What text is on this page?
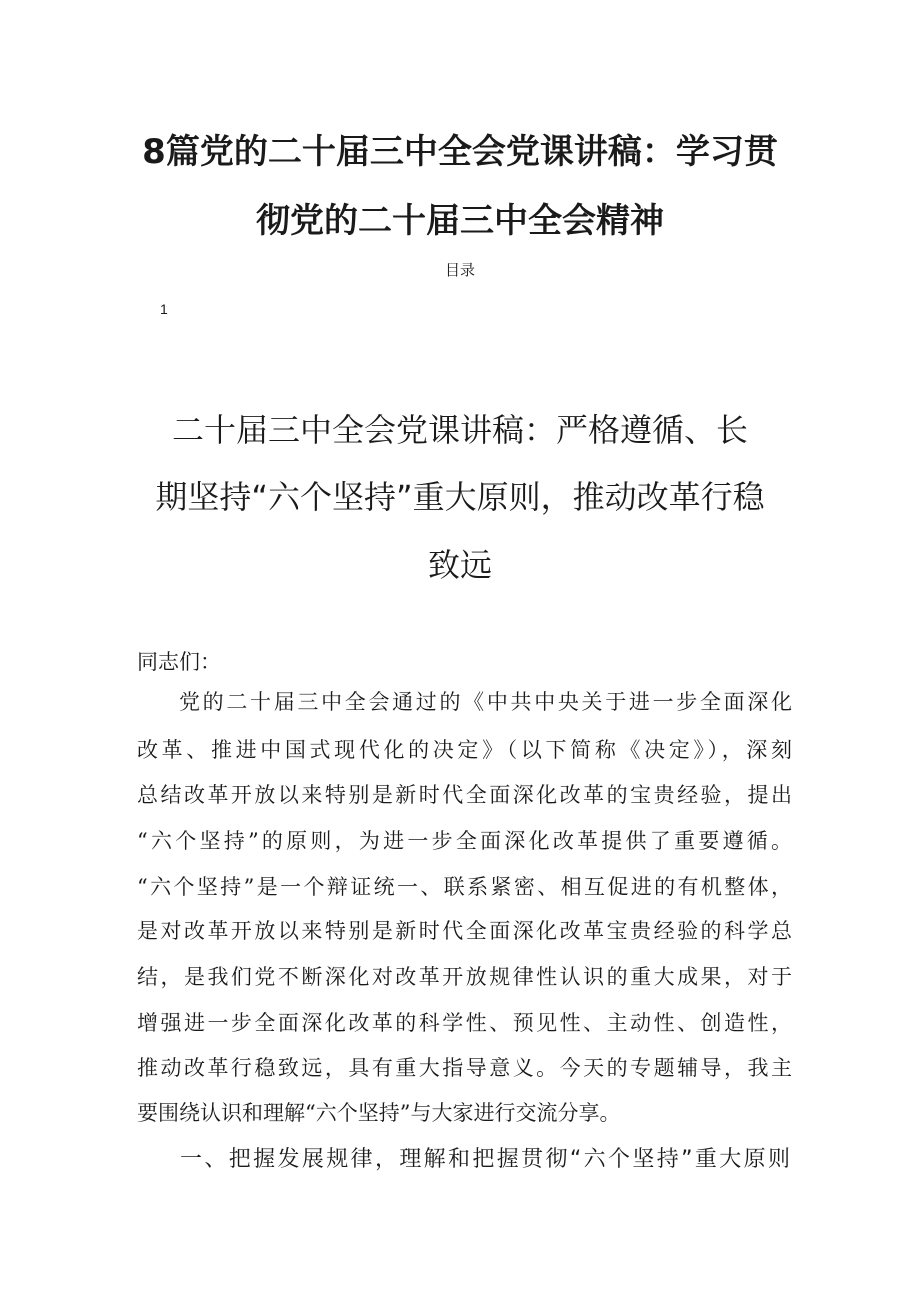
8篇党的二十届三中全会党课讲稿：学习贯
彻党的二十届三中全会精神
目录
1
二十届三中全会党课讲稿：严格遵循、长
期坚持“六个坚持”重大原则，推动改革行稳
致远
同志们：
党的二十届三中全会通过的《中共中央关于进一步全面深化
改革、推进中国式现代化的决定》（以下简称《决定》），深刻
总结改革开放以来特别是新时代全面深化改革的宝贵经验，提出
“六个坚持”的原则，为进一步全面深化改革提供了重要遵循。
“六个坚持”是一个辩证统一、联系紧密、相互促进的有机整体，
是对改革开放以来特别是新时代全面深化改革宝贵经验的科学总
结，是我们党不断深化对改革开放规律性认识的重大成果，对于
增强进一步全面深化改革的科学性、预见性、主动性、创造性，
推动改革行稳致远，具有重大指导意义。今天的专题辅导，我主
要围绕认识和理解“六个坚持”与大家进行交流分享。
一、把握发展规律，理解和把握贯彻“六个坚持”重大原则
